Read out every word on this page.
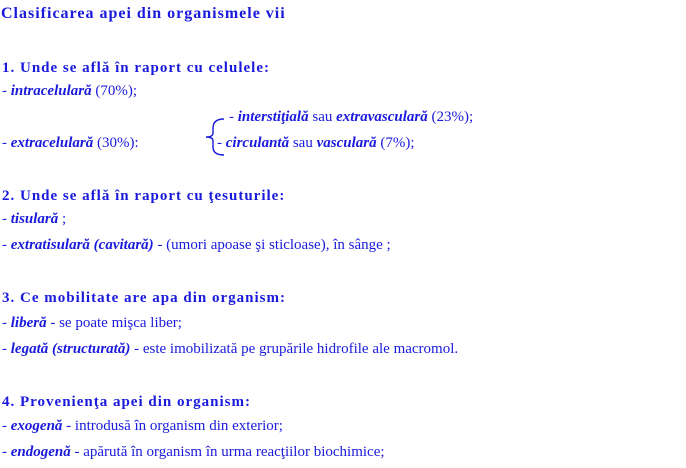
Clasificarea apei din organismele vii
1. Unde se află în raport cu celulele:
- intracelulară (70%);
- interstiţială sau extravasculară (23%);
- extracelulară (30%):	- circulantă sau vasculară (7%);
2. Unde se află în raport cu ţesuturile:
- tisulară ;
- extratisulară (cavitară) - (umori apoase şi sticloase), în sânge ;
3. Ce mobilitate are apa din organism:
- liberă - se poate mişca liber;
- legată (structurată) - este imobilizată pe grupările hidrofile ale macromol.
4. Provenienţa apei din organism:
- exogenă - introdusă în organism din exterior;
- endogenă - apărută în organism în urma reacţiilor biochimice;
